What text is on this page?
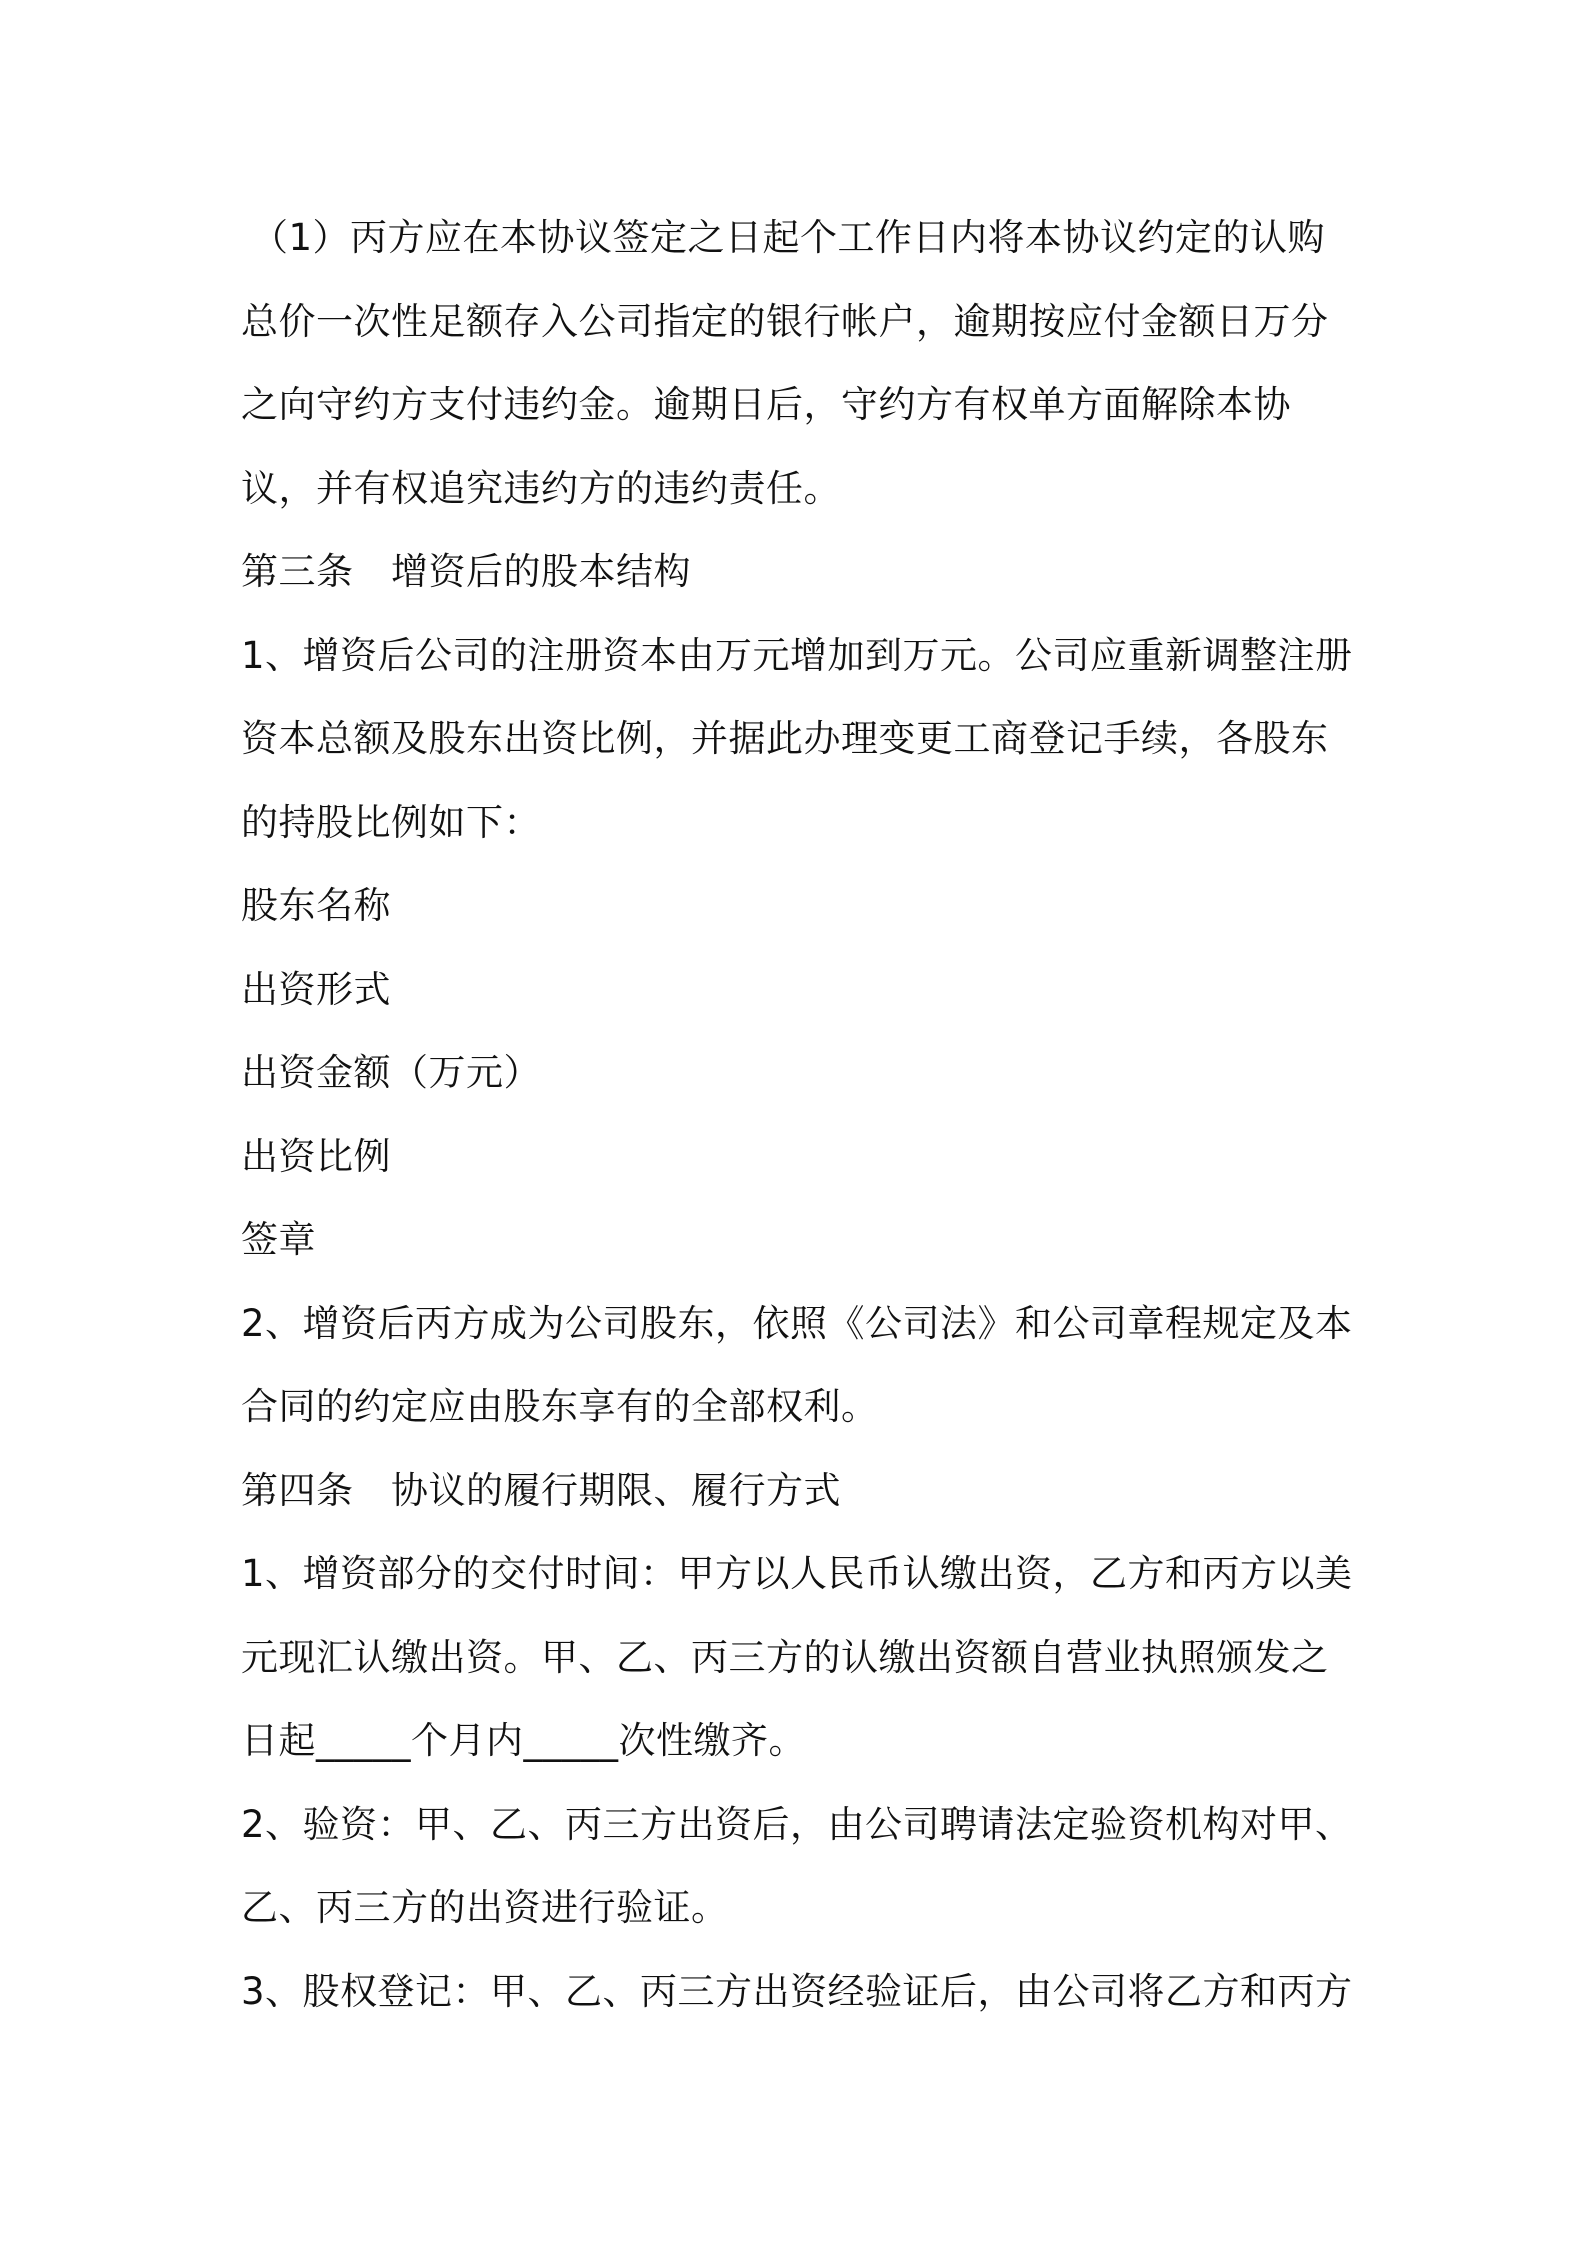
（1）丙方应在本协议签定之日起个工作日内将本协议约定的认购总价一次性足额存入公司指定的银行帐户，逾期按应付金额日万分之向守约方支付违约金。逾期日后，守约方有权单方面解除本协议，并有权追究违约方的违约责任。

第三条　增资后的股本结构

1、增资后公司的注册资本由万元增加到万元。公司应重新调整注册资本总额及股东出资比例，并据此办理变更工商登记手续，各股东的持股比例如下：

股东名称

出资形式

出资金额（万元）

出资比例

签章

2、增资后丙方成为公司股东，依照《公司法》和公司章程规定及本合同的约定应由股东享有的全部权利。

第四条　协议的履行期限、履行方式

1、增资部分的交付时间：甲方以人民币认缴出资，乙方和丙方以美元现汇认缴出资。甲、乙、丙三方的认缴出资额自营业执照颁发之日起_____个月内_____次性缴齐。

2、验资：甲、乙、丙三方出资后，由公司聘请法定验资机构对甲、乙、丙三方的出资进行验证。

3、股权登记：甲、乙、丙三方出资经验证后，由公司将乙方和丙方
